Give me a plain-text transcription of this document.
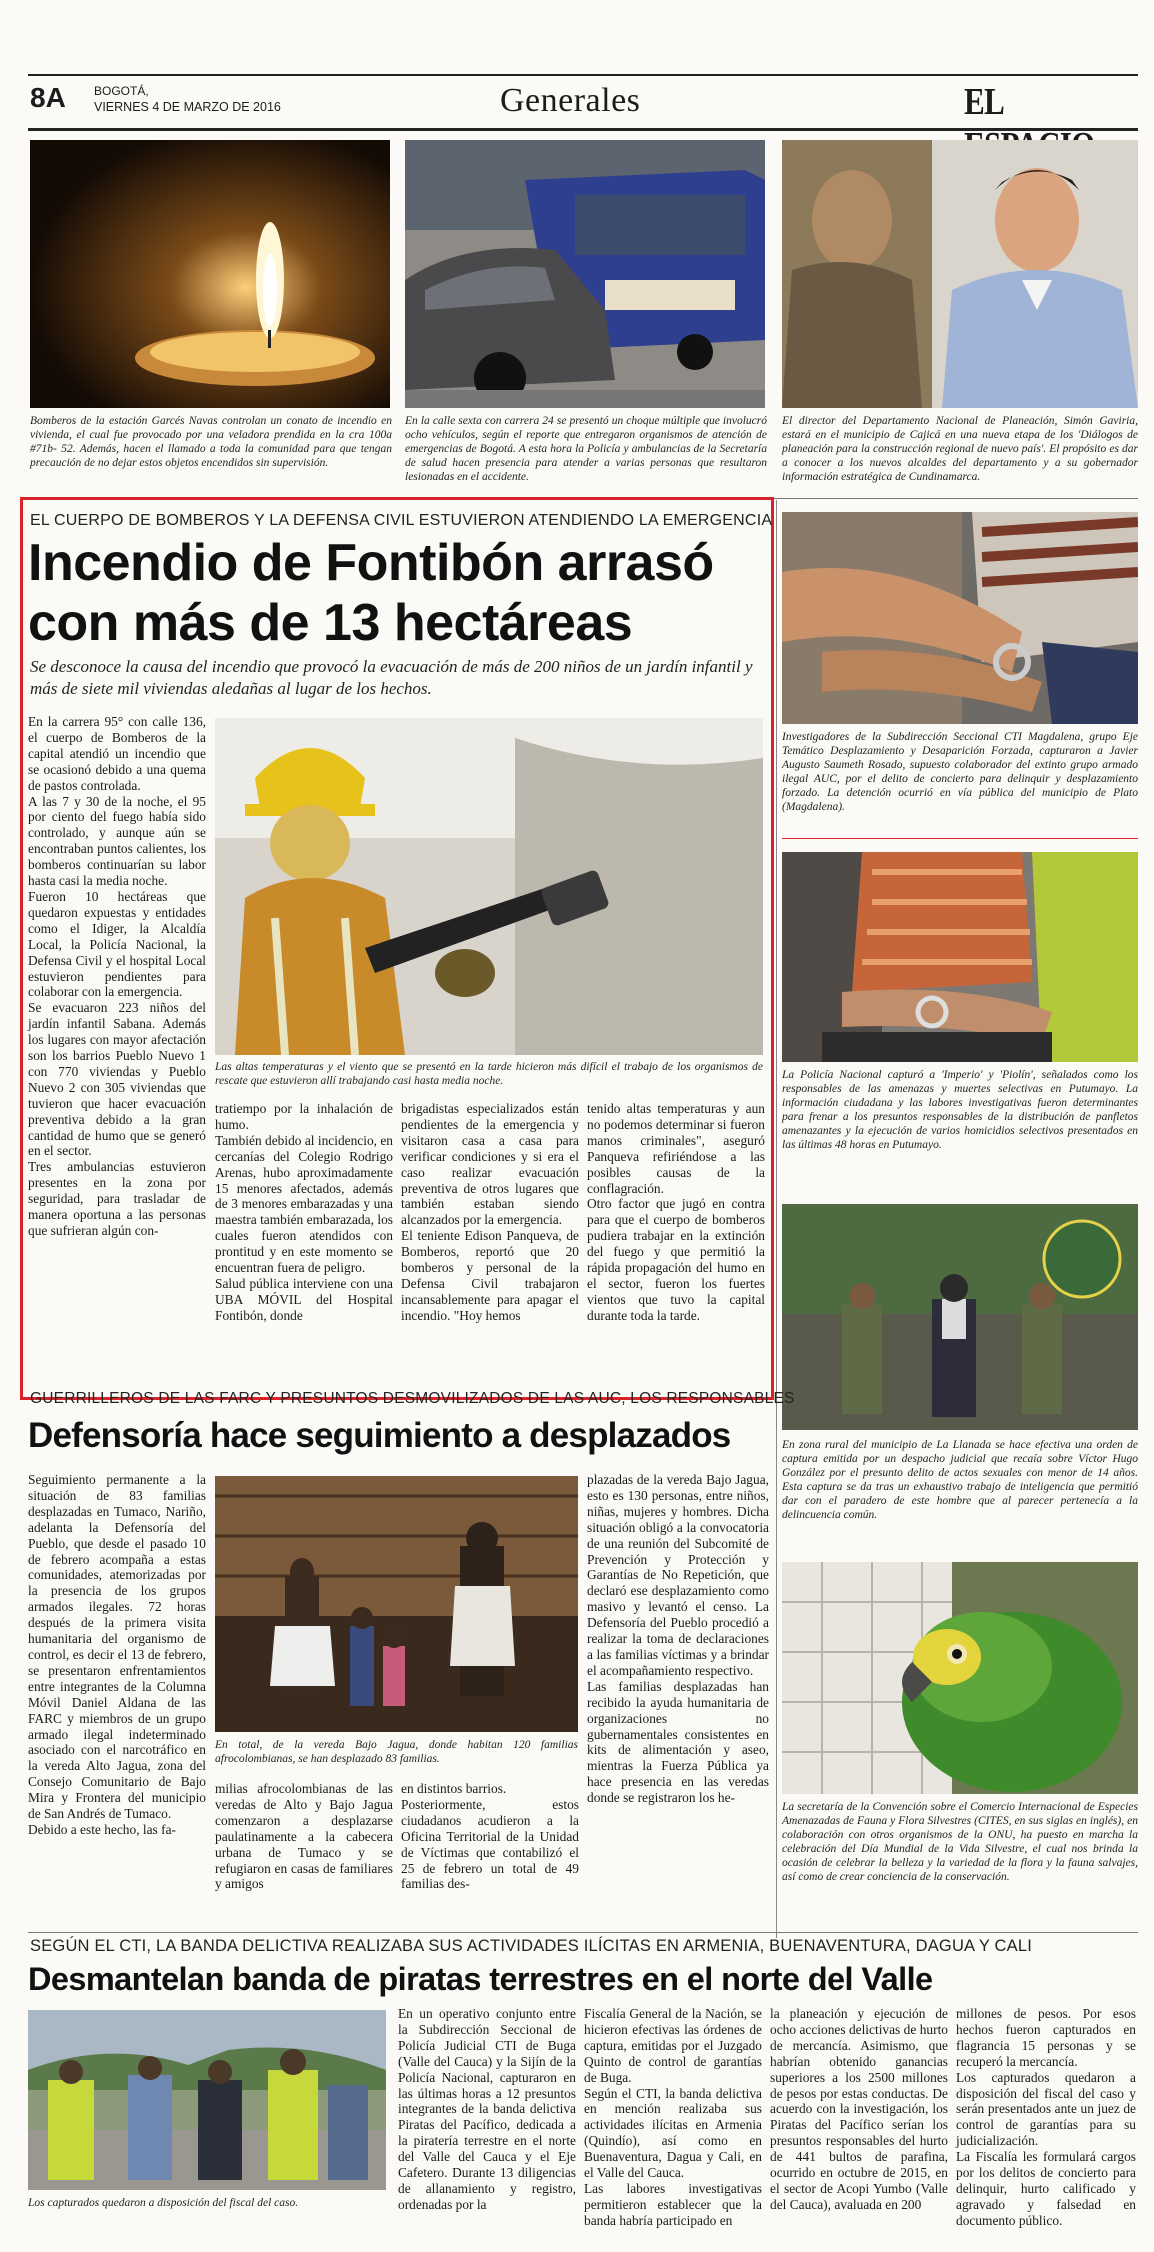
8A BOGOTÁ,
VIERNES 4 DE MARZO DE 2016	Generales	EL
Bomberos de la estación Garcés Navas controlan un conato de incendio en vivienda, el cual fue provocado por una veladora prendida en la cra 100a #71b- 52. Además, hacen el llamado a toda la comunidad para que tengan precaución de no dejar estos objetos encendidos sin supervisión.
En la calle sexta con carrera 24 se presentó un choque múltiple que involucró ocho vehículos, según el reporte que entregaron organismos de atención de emergencias de Bogotá. A esta hora la Policía y ambulancias de la Secretaría de salud hacen presencia para atender a varias personas que resultaron lesionadas en el accidente.
El director del Departamento Nacional de Planeación, Simón Gaviria, estará en el municipio de Cajicá en una nueva etapa de los 'Diálogos de planeación para la construcción regional de nuevo país'. El propósito es dar a conocer a los nuevos alcaldes del departamento y a su gobernador información estratégica de Cundinamarca.
EL CUERPO DE BOMBEROS Y LA DEFENSA CIVIL ESTUVIERON ATENDIENDO LA EMERGENCIA
Incendio de Fontibón arrasó
con más de 13 hectáreas
Se desconoce la causa del incendio que provocó la evacuación de más de 200 niños de un jardín infantil y más de siete mil viviendas aledañas al lugar de los hechos.
En la carrera 95° con calle 136, el cuerpo de Bomberos de la capital atendió un incendio que se ocasionó debido a una quema de pastos controlada.
A las 7 y 30 de la noche, el 95 por ciento del fuego había sido controlado, y aunque aún se encontraban puntos calientes, los bomberos continuarían su labor hasta casi la media noche.
Fueron 10 hectáreas que quedaron expuestas y entidades como el Idiger, la Alcaldía Local, la Policía Nacional, la Defensa Civil y el hospital Local estuvieron pendientes para colaborar con la emergencia.
Se evacuaron 223 niños del jardín infantil Sabana. Además los lugares con mayor afectación son los barrios Pueblo Nuevo 1 con 770 viviendas y Pueblo Nuevo 2 con 305 viviendas que tuvieron que hacer evacuación preventiva debido a la gran cantidad de humo que se generó en el sector.
Tres ambulancias estuvieron presentes en la zona por seguridad, para trasladar de manera oportuna a las personas que sufrieran algún con-
Las altas temperaturas y el viento que se presentó en la tarde hicieron más difícil el trabajo de los organismos de rescate que estuvieron allí trabajando casi hasta media noche.
tratiempo por la inhalación de humo.
También debido al incidencio, en cercanías del Colegio Rodrigo Arenas, hubo aproximadamente 15 menores afectados, además de 3 menores embarazadas y una maestra también embarazada, los cuales fueron atendidos con prontitud y en este momento se encuentran fuera de peligro.
Salud pública interviene con una UBA MÓVIL del Hospital Fontibón, donde
brigadistas especializados están pendientes de la emergencia y visitaron casa a casa para verificar condiciones y si era el caso realizar evacuación preventiva de otros lugares que también estaban siendo alcanzados por la emergencia.
El teniente Edison Panqueva, de Bomberos, reportó que 20 bomberos y personal de la Defensa Civil trabajaron incansablemente para apagar el incendio. "Hoy hemos
tenido altas temperaturas y aun no podemos determinar si fueron manos criminales", aseguró Panqueva refiriéndose a las posibles causas de la conflagración.
Otro factor que jugó en contra para que el cuerpo de bomberos pudiera trabajar en la extinción del fuego y que permitió la rápida propagación del humo en el sector, fueron los fuertes vientos que tuvo la capital durante toda la tarde.
Investigadores de la Subdirección Seccional CTI Magdalena, grupo Eje Temático Desplazamiento y Desaparición Forzada, capturaron a Javier Augusto Saumeth Rosado, supuesto colaborador del extinto grupo armado ilegal AUC, por el delito de concierto para delinquir y desplazamiento forzado. La detención ocurrió en vía pública del municipio de Plato (Magdalena).
La Policía Nacional capturó a 'Imperio' y 'Piolín', señalados como los responsables de las amenazas y muertes selectivas en Putumayo. La información ciudadana y las labores investigativas fueron determinantes para frenar a los presuntos responsables de la distribución de panfletos amenazantes y la ejecución de varios homicidios selectivos presentados en las últimas 48 horas en Putumayo.
En zona rural del municipio de La Llanada se hace efectiva una orden de captura emitida por un despacho judicial que recaía sobre Víctor Hugo González por el presunto delito de actos sexuales con menor de 14 años. Esta captura se da tras un exhaustivo trabajo de inteligencia que permitió dar con el paradero de este hombre que al parecer pertenecía a la delincuencia común.
La secretaría de la Convención sobre el Comercio Internacional de Especies Amenazadas de Fauna y Flora Silvestres (CITES, en sus siglas en inglés), en colaboración con otros organismos de la ONU, ha puesto en marcha la celebración del Día Mundial de la Vida Silvestre, el cual nos brinda la ocasión de celebrar la belleza y la variedad de la flora y la fauna salvajes, así como de crear conciencia de la conservación.
GUERRILLEROS DE LAS FARC Y PRESUNTOS DESMOVILIZADOS DE LAS AUC, LOS RESPONSABLES
Defensoría hace seguimiento a desplazados
Seguimiento permanente a la situación de 83 familias desplazadas en Tumaco, Nariño, adelanta la Defensoría del Pueblo, que desde el pasado 10 de febrero acompaña a estas comunidades, atemorizadas por la presencia de los grupos armados ilegales. 72 horas después de la primera visita humanitaria del organismo de control, es decir el 13 de febrero, se presentaron enfrentamientos entre integrantes de la Columna Móvil Daniel Aldana de las FARC y miembros de un grupo armado ilegal indeterminado asociado con el narcotráfico en la vereda Alto Jagua, zona del Consejo Comunitario de Bajo Mira y Frontera del municipio de San Andrés de Tumaco.
Debido a este hecho, las fa-
En total, de la vereda Bajo Jagua, donde habitan 120 familias afrocolombianas, se han desplazado 83 familias.
milias afrocolombianas de las veredas de Alto y Bajo Jagua comenzaron a desplazarse paulatinamente a la cabecera urbana de Tumaco y se refugiaron en casas de familiares y amigos
en distintos barrios.
Posteriormente, estos ciudadanos acudieron a la Oficina Territorial de la Unidad de Víctimas que contabilizó el 25 de febrero un total de 49 familias des-
plazadas de la vereda Bajo Jagua, esto es 130 personas, entre niños, niñas, mujeres y hombres. Dicha situación obligó a la convocatoria de una reunión del Subcomité de Prevención y Protección y Garantías de No Repetición, que declaró ese desplazamiento como masivo y levantó el censo. La Defensoría del Pueblo procedió a realizar la toma de declaraciones a las familias víctimas y a brindar el acompañamiento respectivo.
Las familias desplazadas han recibido la ayuda humanitaria de organizaciones no gubernamentales consistentes en kits de alimentación y aseo, mientras la Fuerza Pública ya hace presencia en las veredas donde se registraron los he-
SEGÚN EL CTI, LA BANDA DELICTIVA REALIZABA SUS ACTIVIDADES ILÍCITAS EN ARMENIA, BUENAVENTURA, DAGUA Y CALI
Desmantelan banda de piratas terrestres en el norte del Valle
Los capturados quedaron a disposición del fiscal del caso.
En un operativo conjunto entre la Subdirección Seccional de Policía Judicial CTI de Buga (Valle del Cauca) y la Sijín de la Policía Nacional, capturaron en las últimas horas a 12 presuntos integrantes de la banda delictiva Piratas del Pacífico, dedicada a la piratería terrestre en el norte del Valle del Cauca y el Eje Cafetero. Durante 13 diligencias de allanamiento y registro, ordenadas por la
Fiscalía General de la Nación, se hicieron efectivas las órdenes de captura, emitidas por el Juzgado Quinto de control de garantías de Buga.
Según el CTI, la banda delictiva en mención realizaba sus actividades ilícitas en Armenia (Quindío), así como en Buenaventura, Dagua y Cali, en el Valle del Cauca.
Las labores investigativas permitieron establecer que la banda habría participado en
la planeación y ejecución de ocho acciones delictivas de hurto de mercancía. Asimismo, que habrían obtenido ganancias superiores a los 2500 millones de pesos por estas conductas. De acuerdo con la investigación, los Piratas del Pacífico serían los presuntos responsables del hurto de 441 bultos de parafina, ocurrido en octubre de 2015, en el sector de Acopi Yumbo (Valle del Cauca), avaluada en 200
millones de pesos. Por esos hechos fueron capturados en flagrancia 15 personas y se recuperó la mercancía.
Los capturados quedaron a disposición del fiscal del caso y serán presentados ante un juez de control de garantías para su judicialización.
La Fiscalía les formulará cargos por los delitos de concierto para delinquir, hurto calificado y agravado y falsedad en documento público.
